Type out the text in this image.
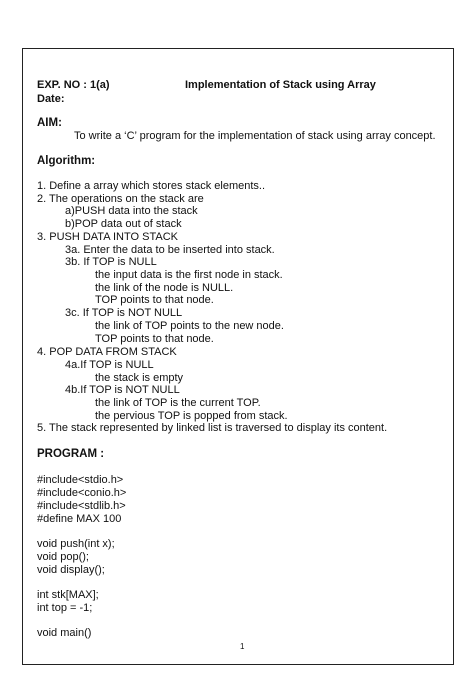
EXP. NO : 1(a)	Implementation of Stack using Array
Date:
AIM:
To write a ‘C’ program for the implementation of stack using array concept.
Algorithm:
1. Define a array which stores stack elements..
2. The operations on the stack are
a)PUSH data into the stack
b)POP data out of stack
3. PUSH DATA INTO STACK
3a. Enter the data to be inserted into stack.
3b. If TOP is NULL
the input data is the first node in stack.
the link of the node is NULL.
TOP points to that node.
3c. If TOP is NOT NULL
the link of TOP points to the new node.
TOP points to that node.
4. POP DATA FROM STACK
4a.If TOP is NULL
the stack is empty
4b.If TOP is NOT NULL
the link of TOP is the current TOP.
the pervious TOP is popped from stack.
5. The stack represented by linked list is traversed to display its content.
PROGRAM :
#include<stdio.h>
#include<conio.h>
#include<stdlib.h>
#define MAX 100
void push(int x);
void pop();
void display();
int stk[MAX];
int top = -1;
void main()
1
